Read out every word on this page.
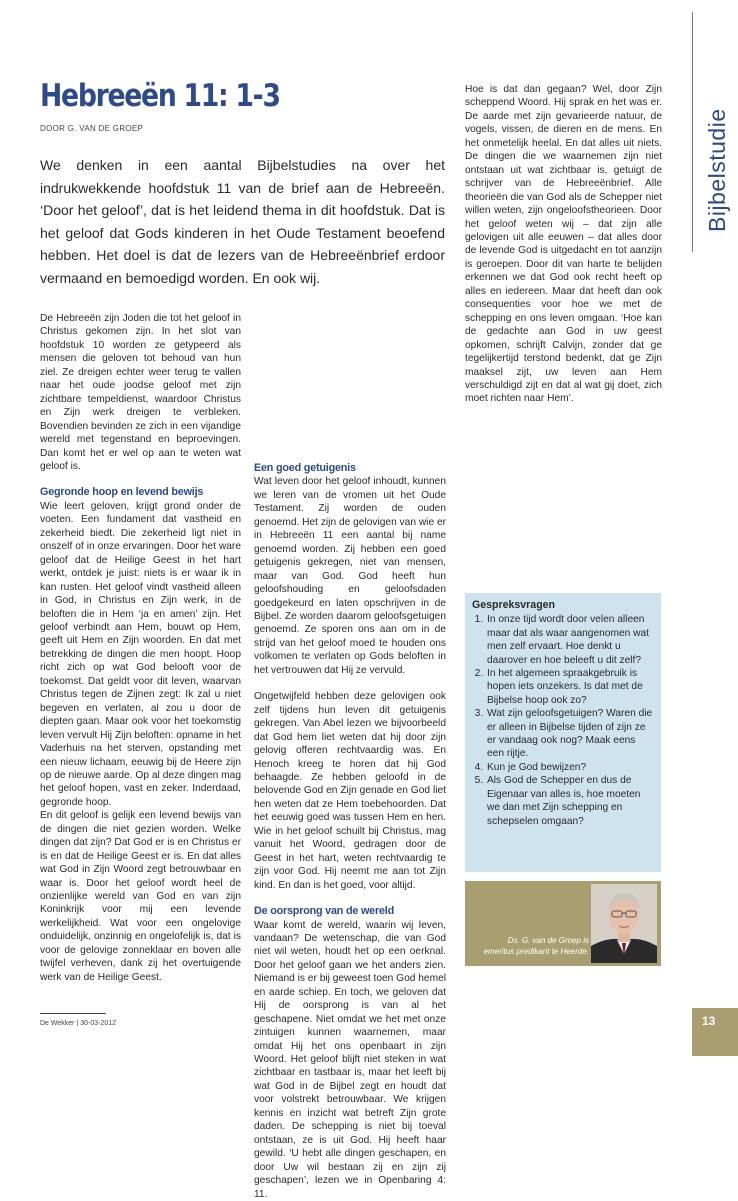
Hebreeën 11: 1-3
DOOR G. VAN DE GROEP
We denken in een aantal Bijbelstudies na over het indrukwekkende hoofdstuk 11 van de brief aan de Hebreeën. ‘Door het geloof’, dat is het leidend thema in dit hoofdstuk. Dat is het geloof dat Gods kinderen in het Oude Testament beoefend hebben. Het doel is dat de lezers van de Hebreeënbrief erdoor vermaand en bemoedigd worden. En ook wij.

De Hebreeën zijn Joden die tot het geloof in Christus gekomen zijn. In het slot van hoofdstuk 10 worden ze getypeerd als mensen die geloven tot behoud van hun ziel. Ze dreigen echter weer terug te vallen naar het oude joodse geloof met zijn zichtbare tempeldienst, waardoor Christus en Zijn werk dreigen te verbleken. Bovendien bevinden ze zich in een vijandige wereld met tegenstand en beproevingen. Dan komt het er wel op aan te weten wat geloof is.

Gegronde hoop en levend bewijs

Wie leert geloven, krijgt grond onder de voeten. Een fundament dat vastheid en zekerheid biedt. Die zekerheid ligt niet in onszelf of in onze ervaringen. Door het ware geloof dat de Heilige Geest in het hart werkt, ontdek je juist: niets is er waar ik in kan rusten. Het geloof vindt vastheid alleen in God, in Christus en Zijn werk, in de beloften die in Hem ‘ja en amen’ zijn. Het geloof verbindt aan Hem, bouwt op Hem, geeft uit Hem en Zijn woorden. En dat met betrekking de dingen die men hoopt. Hoop richt zich op wat God belooft voor de toekomst. Dat geldt voor dit leven, waarvan Christus tegen de Zijnen zegt: Ik zal u niet begeven en verlaten, al zou u door de diepten gaan. Maar ook voor het toekomstig leven vervult Hij Zijn beloften: opname in het Vaderhuis na het sterven, opstanding met een nieuw lichaam, eeuwig bij de Heere zijn op de nieuwe aarde. Op al deze dingen mag het geloof hopen, vast en zeker. Inderdaad, gegronde hoop.

En dit geloof is gelijk een levend bewijs van de dingen die niet gezien worden. Welke dingen dat zijn? Dat God er is en Christus er is en dat de Heilige Geest er is. En dat alles wat God in Zijn Woord zegt betrouwbaar en waar is. Door het geloof wordt heel de onzienlijke wereld van God en van zijn Koninkrijk voor mij een levende werkelijkheid. Wat voor een ongelovige onduidelijk, onzinnig en ongelofelijk is, dat is voor de gelovige zonneklaar en boven alle twijfel verheven, dank zij het overtuigende werk van de Heilige Geest.

Een goed getuigenis

Wat leven door het geloof inhoudt, kunnen we leren van de vromen uit het Oude Testament. Zij worden de ouden genoemd. Het zijn de gelovigen van wie er in Hebreeën 11 een aantal bij name genoemd worden. Zij hebben een goed getuigenis gekregen, niet van mensen, maar van God. God heeft hun geloofshouding en geloofsdaden goedgekeurd en laten opschrijven in de Bijbel. Ze worden daarom geloofsgetuigen genoemd. Ze sporen ons aan om in de strijd van het geloof moed te houden ons volkomen te verlaten op Gods beloften in het vertrouwen dat Hij ze vervuld.

Ongetwijfeld hebben deze gelovigen ook zelf tijdens hun leven dit getuigenis gekregen. Van Abel lezen we bijvoorbeeld dat God hem liet weten dat hij door zijn gelovig offeren rechtvaardig was. En Henoch kreeg te horen dat hij God behaagde. Ze hebben geloofd in de belovende God en Zijn genade en God liet hen weten dat ze Hem toebehoorden. Dat het eeuwig goed was tussen Hem en hen. Wie in het geloof schuilt bij Christus, mag vanuit het Woord, gedragen door de Geest in het hart, weten rechtvaardig te zijn voor God. Hij neemt me aan tot Zijn kind. En dan is het goed, voor altijd.

De oorsprong van de wereld

Waar komt de wereld, waarin wij leven, vandaan? De wetenschap, die van God niet wil weten, houdt het op een oerknal. Door het geloof gaan we het anders zien. Niemand is er bij geweest toen God hemel en aarde schiep. En toch, we geloven dat Hij de oorsprong is van al het geschapene. Niet omdat we het met onze zintuigen kunnen waarnemen, maar omdat Hij het ons openbaart in zijn Woord. Het geloof blijft niet steken in wat zichtbaar en tastbaar is, maar het leeft bij wat God in de Bijbel zegt en houdt dat voor volstrekt betrouwbaar. We krijgen kennis en inzicht wat betreft Zijn grote daden. De schepping is niet bij toeval ontstaan, ze is uit God. Hij heeft haar gewild. ‘U hebt alle dingen geschapen, en door Uw wil bestaan zij en zijn zij geschapen’, lezen we in Openbaring 4: 11.

Hoe is dat dan gegaan? Wel, door Zijn scheppend Woord. Hij sprak en het was er. De aarde met zijn gevarieerde natuur, de vogels, vissen, de dieren en de mens. En het onmetelijk heelal. En dat alles uit niets. De dingen die we waarnemen zijn niet ontstaan uit wat zichtbaar is, getuigt de schrijver van de Hebreeënbrief. Alle theorieën die van God als de Schepper niet willen weten, zijn ongeloofstheorieen. Door het geloof weten wij – dat zijn alle gelovigen uit alle eeuwen – dat alles door de levende God is uitgedacht en tot aanzijn is geroepen. Door dit van harte te belijden erkennen we dat God ook recht heeft op alles en iedereen. Maar dat heeft dan ook consequenties voor hoe we met de schepping en ons leven omgaan. ‘Hoe kan de gedachte aan God in uw geest opkomen, schrijft Calvijn, zonder dat ge tegelijkertijd terstond bedenkt, dat ge Zijn maaksel zijt, uw leven aan Hem verschuldigd zijt en dat al wat gij doet, zich moet richten naar Hem’.

Gespreksvragen
1. In onze tijd wordt door velen alleen maar dat als waar aangenomen wat men zelf ervaart. Hoe denkt u daarover en hoe beleeft u dit zelf?
2. In het algemeen spraakgebruik is hopen iets onzekers. Is dat met de Bijbelse hoop ook zo?
3. Wat zijn geloofsgetuigen? Waren die er alleen in Bijbelse tijden of zijn ze er vandaag ook nog? Maak eens een rijtje.
4. Kun je God bewijzen?
5. Als God de Schepper en dus de Eigenaar van alles is, hoe moeten we dan met Zijn schepping en schepselen omgaan?
Ds. G. van de Groep is
emeritus predikant te Heerde.
Bijbelstudie
De Wekker | 30-03-2012	13
